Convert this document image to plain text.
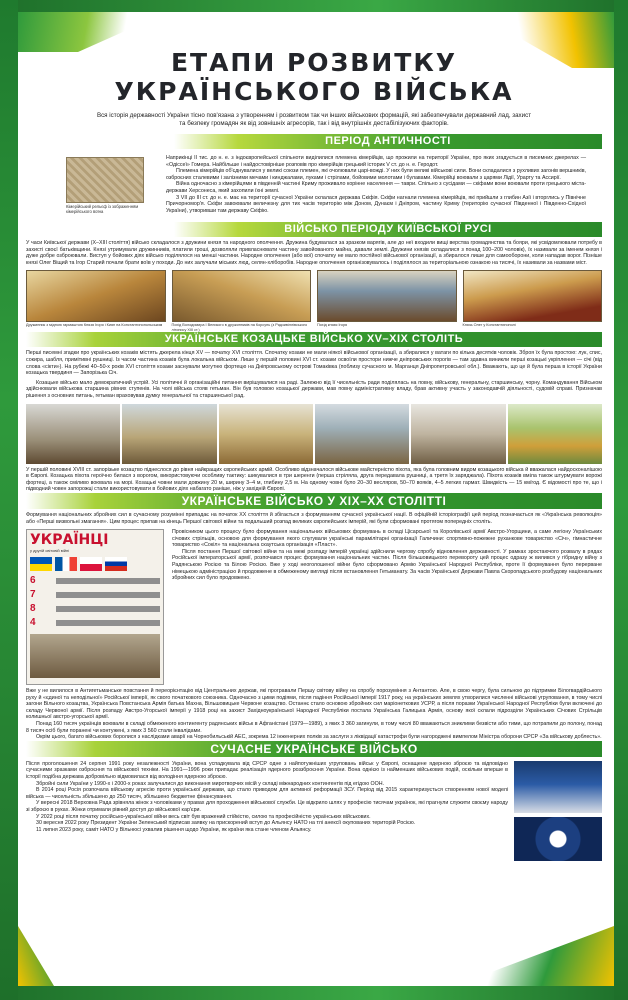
ЕТАПИ РОЗВИТКУ
УКРАЇНСЬКОГО ВІЙСЬКА
Вся історія державності України тісно пов'язана з утворенням і розвитком так чи інших військових формацій, які забезпечували державний лад, захист та безпеку громадян як від зовнішніх агресорів, так і від внутрішніх дестабілізуючих факторів.
ПЕРІОД АНТИЧНОСТІ
Кімерійський рельєф із зображенням кімерійського воїна
Наприкінці ІІ тис. до н. е. з індоєвропейської спільноти виділилися племена кімерійців, що прожили на території України, про яких згадується в писемних джерелах — «Одіссеї» Гомера. Найбільше і найдостовірніше розповів про кімерійців грецький історик V ст. до н. е. Геродот.
Племена кімерійців об'єднувалися у великі союзи племен, які очолювали царі-вожді. У них були великі військові сили. Вони складалися з рухливих загонів вершників, озброєних сталевими і залізними мечами і кинджалами, луками і стрілами, бойовими молотами і булавами. Кімерійці воювали з царями Лідії, Урарту та Ассирії.
Війна одночасно з кімерійцями в південній частині Криму проживало корінне населення — таври. Спільно з сусідами — скіфами вони воювали проти грецького міста-держави Херсонеса, який захопили їхні землі.
З VII до ІІІ ст. до н. е. має на території сучасної України склалася держава Скіфія. Скіфи нагнали племена кімерійців, які прийшли з глибин Азії і вторглись у Північне Причорномор'я. Скіфи завоювали величезну для тих часів територію між Доном, Дунаєм і Дніпром, частину Криму (територію сучасної Південної і Південно-Східної України), утворивши там державу Скіфію.
ВІЙСЬКО ПЕРІОДУ КИЇВСЬКОЇ РУСІ
У часи Київської держави (X–XIII століття) військо складалося з дружини князя та народного ополчення. Дружина будувалася за зразком варягів, але до неї входили вищі верства громадянства та бояри, які усвідомлювали потребу в захисті своєї батьківщини. Князі утримували дружинників, платили гроші, дозволяли привласнювати частину завойованого майна, давали землі. Дружини князів складалися з понад 100–200 чоловік), їх називали за іменем князя і дуже добре озброювали. Виступ у бойових діях військо поділялося на менші частини. Народне ополчення (або вої) спочатку не мало постійної військової організації, а збиралося лише для самооборони, коли нападав ворог. Пізніше князі Олег Віщий та Ігор Старий почали брати воїв у походи. До них залучали міських люд, селян-хліборобів. Народне ополчення організовувалось і поділялося за територіальною ознакою на тисячі, їх називали за назвами міст.
Дружинник з мідною гармаштою Князя Ігоря і Киян на Константинопольським	Похід Володимира І Великого в дружинників на Корсунь (з Радзивіллівського літопису XIII ст.)
Похід князя Ігоря	Князь Олег у Константинополі
УКРАЇНСЬКЕ КОЗАЦЬКЕ ВІЙСЬКО XV–XIX СТОЛІТЬ
Перші писемні згадки про українських козаків містять джерела кінця XV — початку XVI століття. Спочатку козаки не мали ніякої військової організації, а збиралися у ватаги по кілька десятків чоловік. Зброя їх була простою: лук, спис, сокира, шабля, примітивні рушниці. Із часом частина козаків була локальна військом. Лише у першій половині XVI ст. козаки освоїли простори нижче дніпровських порогів — там здавна виникли перші козацькі укріплення — січі (від слова «сікти»). На рубежі 40–50-х років XVI століття козаки заснували могутню фортецю на Дніпровському острові Томаківка (поблизу сучасного м. Марганця Дніпропетровської обл.). Вважають, що це й була перша в історії України козацька твердиня — Запорізька Січ.
Козацьке військо мало демократичний устрій. Усі політичні й організаційні питання вирішувалися на раді. Залежно від її чисельність ради поділялась на повну, військову, генеральну, старшинську, чорну. Командування Військом здійснювали військова старшина рівних ступенів. На чолі війська стояв гетьман. Він був головою козацької держави, мав повну адміністративну владу, брав активну участь у законодавчій діяльності, судовій справі. Призначав рішення з основних питань, гетьман враховував думку генеральної та старшинської рад.
У першій половині XVIII ст. запорізьке козацтво піднеслося до рівня найкращих європейських армій. Особливо відзначалося військове майстерністю піхота, яка була головним видом козацького війська й вважалася найдосконалішою в Європі. Козацька піхота героїчно билася з ворогом, використовуючи особливу тактику: шикувалися в три шеренги (перша стріляла, друга передавала рушниці, а третя їх заряджала). Піхота козаків вміла також штурмувати ворожі фортеці, а також сміливо воювала на морі. Козацькі човни мали довжину 20 м, ширину 3–4 м, глибину 2,5 м. На одному човні було 20–30 весляров, 50–70 вояків, 4–5 легких гармат. Швидкість — 15 км/год. Є відомості про те, що і підводний човен запорожці стали використовувати в бойових діях набагато раніше, ніж у західній Європі.
УКРАЇНСЬКЕ ВІЙСЬКО У XIX–XX СТОЛІТТІ
Формування національних збройних сил в сучасному розумінні припадає на початок XX століття й збігається з формуванням сучасної української нації. В офіційній історіографії цей період позначається як «Українська революція» або «Перші визвольні змагання». Цим процес припав на кінець Першої світової війни та подальший розпад великих європейських імперій, які були сформовані протягом попередніх століть.
УКРАЇНЦІ
у другій світовій війні
6
7
8
4
Провісником цього процесу було формування національних військових формувань в складі Цісарської та Королівської армії Австро-Угорщини, а саме легіону Українських січових стрільців, основою для формування якого слугували українські парамілітарні організації Галичини: спортивно-пожежне руханкове товариство «Січ», гімнастичне товариство «Сокіл» та національна скаутська організація «Пласт».
Після постання Першої світової війни та на межі розпаду імперій українці здійснили чергову спробу відновлення державності. У рамках зростаючого розвалу в рядах Російської імператорської армії, розпочався процес формування національних частин. Після більшовицького перевороту цей процес одразу ж вилився у гібридну війну з Радянською Росією та Білою Росією. Вже у ході неоголошеної війни було сформовано Армію Української Народної Республіки, проте її формування було перерване німецькою адміністрацією й продовжене в обмеженому вигляді після встановлення Гетьманату. За часів Української Держави Павла Скоропадського розбудову національних збройних сил було продовжено.
Вже у не вилилося в Антигетьманське повстання й переорієнтацію від Центральних держав, які програвали Першу світову війну на спробу порозуміння з Антантою. Але, в свою чергу, була сильною до підтримки Білогвардійського руху й «єдиної та неподільної» Російської імперії, як свого початкового союзника. Одночасно з цими подіями, після падіння Російської імперії 1917 року, на українських землях утворилися численні військові угруповання, в тому числі загони Вільного козацтва, Українська Повстанська Армія батька Махна, Вільшовицьке Червоне козацтво. Останнє стало основою збройних сил маріонеткових УСРР, а після поразки Української Народної Республіки були включені до складу Червоної армії. Після розпаду Австро-Угорської імперії у 1918 році на захист Західноукраїнської Народної Республіки постала Українська Галицька Армія, основу якої склали підрозділи Українських Січових Стрільців колишньої австро-угорської армії.
Понад 160 тисяч українців воювали в складі обмеженого контингенту радянських військ в Афганістані (1979—1989), з яких 3 360 загинули, в тому числі 80 вважаються зниклими безвісти або тими, що потрапили до полону, понад 8 тисяч осіб були поранені чи контужені, з яких 3 560 стали інвалідами.
Окрім цього, багато військових боролися з наслідками аварії на Чорнобильській АЕС, зокрема 12 інженерних полків за заслуги з ліквідації катастрофи були нагороджені вимпелом Міністра оборони СРСР «За військову доблесть».
СУЧАСНЕ УКРАЇНСЬКЕ ВІЙСЬКО
Після проголошення 24 серпня 1991 року незалежності України, вона успадкувала від СРСР одне з найпотужніших угруповань військ у Європі, оснащене ядерною зброєю та відповідно сучасними зразками озброєння та військової техніки. На 1991—1996 роки припадає реалізація ядерного роззброєння України. Вона однією із найменших військових подій, оскільки вперше в історії подібна держава добровільно відмовилася від володіння ядерною зброєю.
Збройні сили України у 1990-х і 2000-х роках залучалися до виконання миротворчих місій у складі міжнародних контингентів під егідою ООН.
В 2014 році Росія розпочала військову агресію проти української держави, що стало приводом для активної реформації ЗСУ. Період від 2015 характеризується створенням нової моделі війська — чисельність збільшено до 250 тисяч, збільшено бюджетне фінансування.
У вересні 2018 Верховна Рада зрівняла жінок з чоловіками у правах для проходження військової служби. Це відкрило шлях у професію тисячам українок, які прагнули служити своєму народу зі зброєю в руках. Жінки отримали рівний доступ до військової кар'єри.
У 2022 році після початку російсько-української війни весь світ був вражений стійкістю, силою та професійністю українських військових.
30 вересня 2022 року Президент України Зеленський підписав заявку на прискорений вступ до Альянсу НАТО на тлі анексії окупованих територій Росією.
11 липня 2023 року, саміт НАТО у Вільнюсі ухвалив рішення щодо України, як країни яка стане членом Альянсу.
